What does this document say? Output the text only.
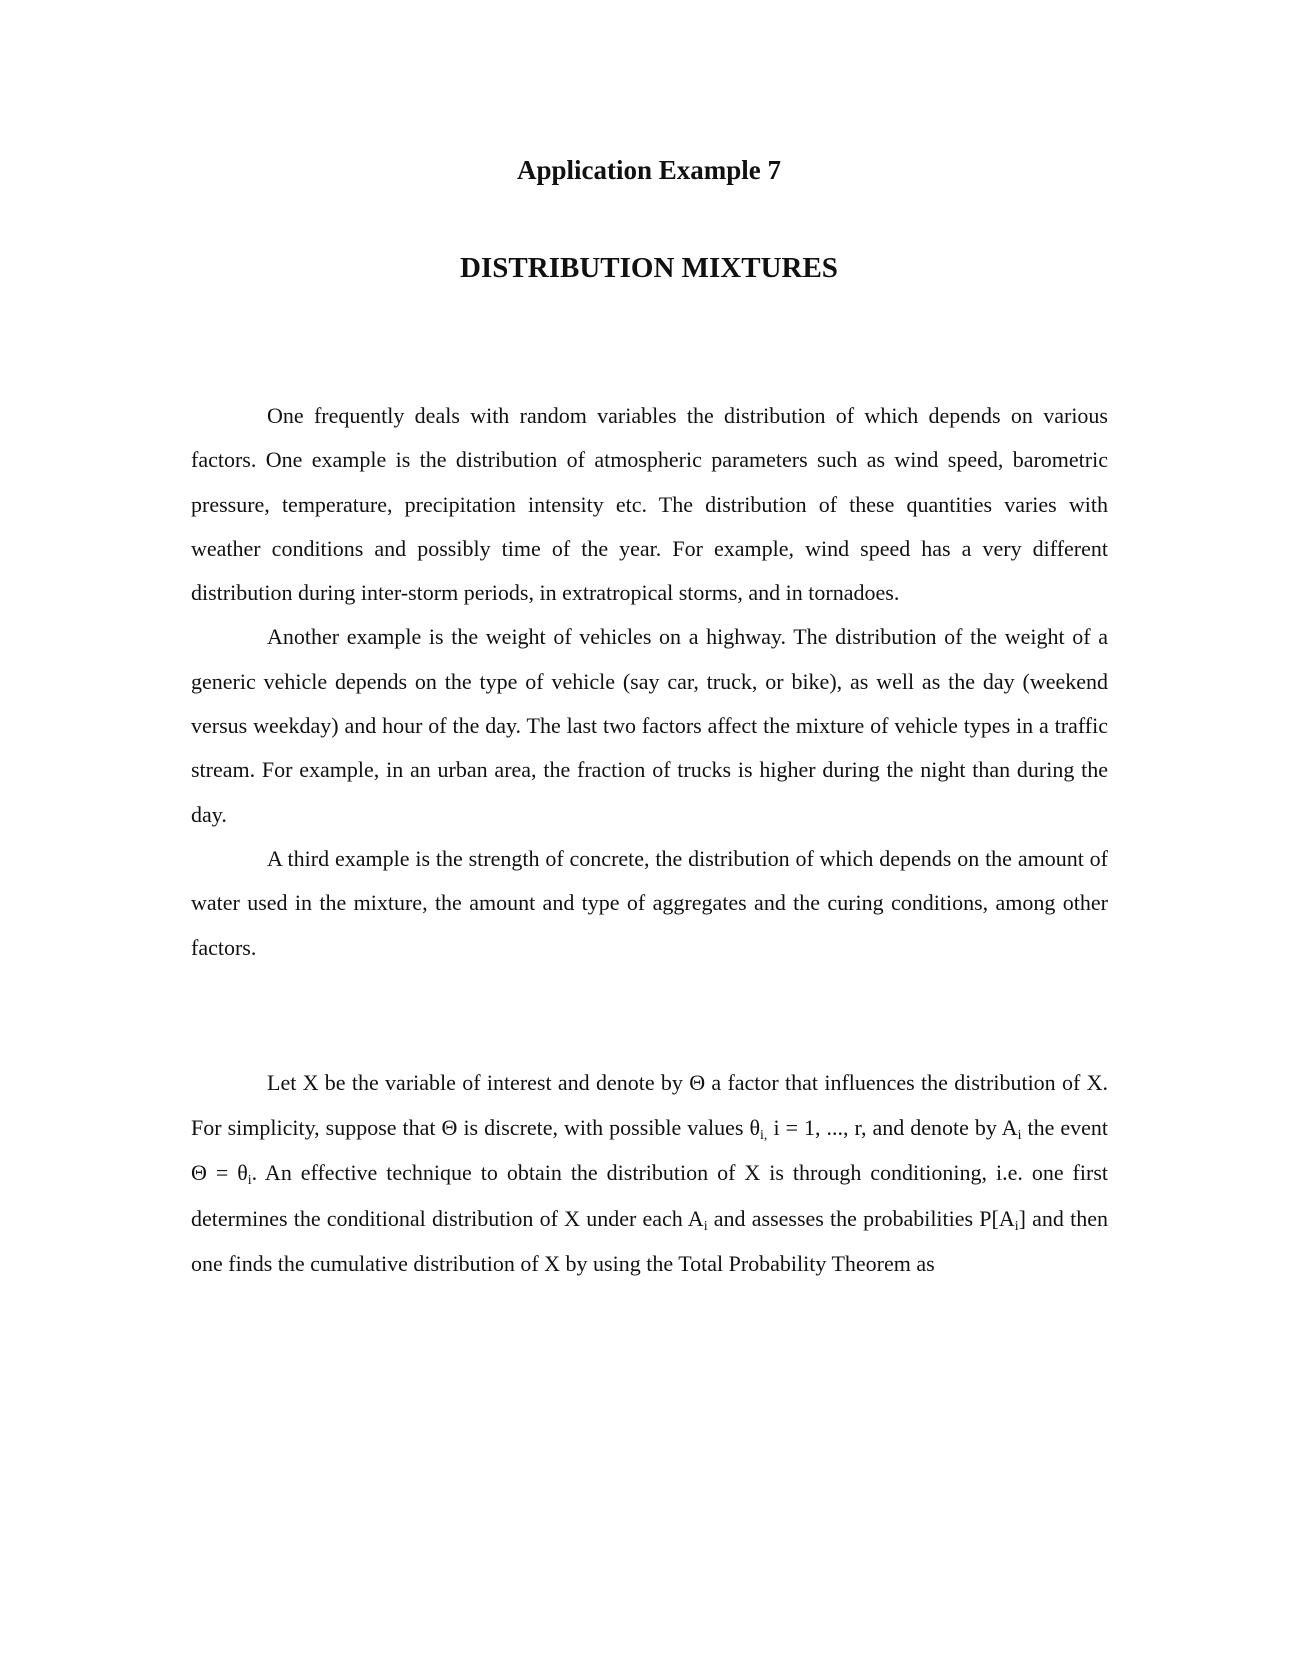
Application Example 7
DISTRIBUTION MIXTURES

One frequently deals with random variables the distribution of which depends on various factors. One example is the distribution of atmospheric parameters such as wind speed, barometric pressure, temperature, precipitation intensity etc. The distribution of these quantities varies with weather conditions and possibly time of the year. For example, wind speed has a very different distribution during inter-storm periods, in extratropical storms, and in tornadoes.

Another example is the weight of vehicles on a highway. The distribution of the weight of a generic vehicle depends on the type of vehicle (say car, truck, or bike), as well as the day (weekend versus weekday) and hour of the day. The last two factors affect the mixture of vehicle types in a traffic stream. For example, in an urban area, the fraction of trucks is higher during the night than during the day.

A third example is the strength of concrete, the distribution of which depends on the amount of water used in the mixture, the amount and type of aggregates and the curing conditions, among other factors.

Let X be the variable of interest and denote by Θ a factor that influences the distribution of X. For simplicity, suppose that Θ is discrete, with possible values $\theta_{i,}$ i = 1, ..., r, and denote by $A_i$ the event $\Theta = \theta_i$. An effective technique to obtain the distribution of X is through conditioning, i.e. one first determines the conditional distribution of X under each $A_i$ and assesses the probabilities $P[A_i]$ and then one finds the cumulative distribution of X by using the Total Probability Theorem as
